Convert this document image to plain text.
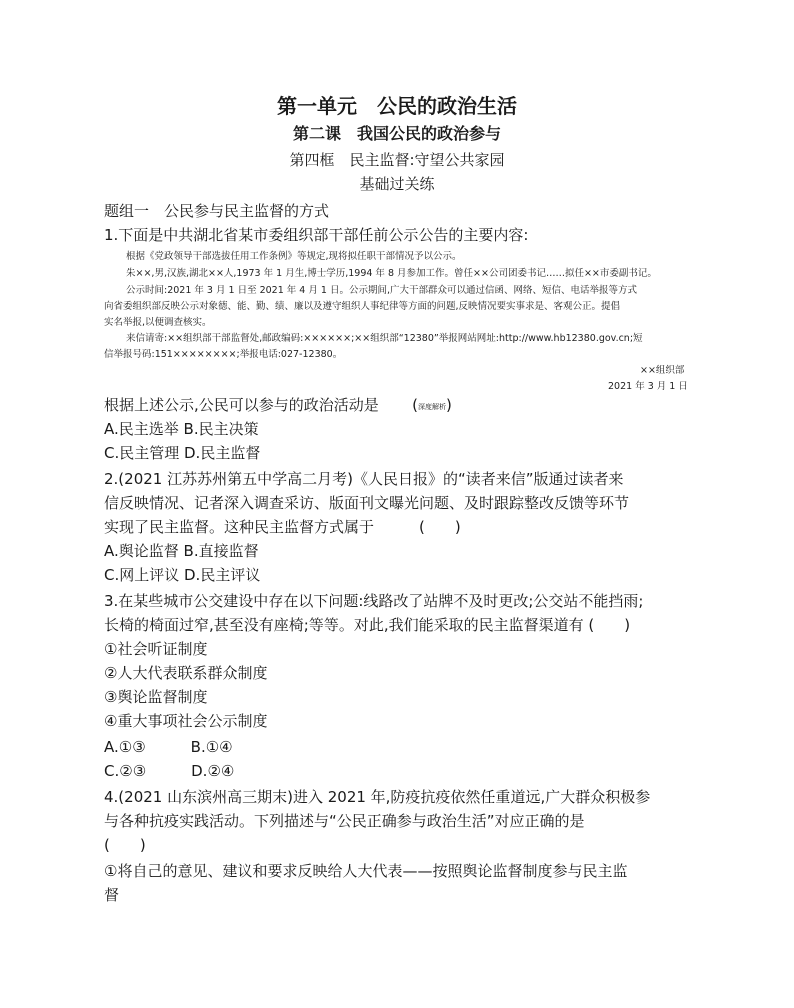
第一单元　公民的政治生活
第二课　我国公民的政治参与
第四框　民主监督:守望公共家园
基础过关练
题组一　公民参与民主监督的方式
1.下面是中共湖北省某市委组织部干部任前公示公告的主要内容:
根据《党政领导干部选拔任用工作条例》等规定,现将拟任职干部情况予以公示。
朱××,男,汉族,湖北××人,1973 年 1 月生,博士学历,1994 年 8 月参加工作。曾任××公司团委书记……拟任××市委副书记。
公示时间:2021 年 3 月 1 日至 2021 年 4 月 1 日。公示期间,广大干部群众可以通过信函、网络、短信、电话举报等方式
向省委组织部反映公示对象德、能、勤、绩、廉以及遵守组织人事纪律等方面的问题,反映情况要实事求是、客观公正。提倡
实名举报,以便调查核实。
来信请寄:××组织部干部监督处,邮政编码:××××××;××组织部“12380”举报网站网址:http://www.hb12380.gov.cn;短
信举报号码:151××××××××;举报电话:027-12380。
××组织部
2021 年 3 月 1 日
根据上述公示,公民可以参与的政治活动是 (深度解析)
A.民主选举 B.民主决策
C.民主管理 D.民主监督
2.(2021 江苏苏州第五中学高二月考)《人民日报》的“读者来信”版通过读者来
信反映情况、记者深入调查采访、版面刊文曝光问题、及时跟踪整改反馈等环节
实现了民主监督。这种民主监督方式属于　　　(　　)
A.舆论监督 B.直接监督
C.网上评议 D.民主评议
3.在某些城市公交建设中存在以下问题:线路改了站牌不及时更改;公交站不能挡雨;
长椅的椅面过窄,甚至没有座椅;等等。对此,我们能采取的民主监督渠道有 (　　)
①社会听证制度
②人大代表联系群众制度
③舆论监督制度
④重大事项社会公示制度
A.①③　　　B.①④
C.②③　　　D.②④
4.(2021 山东滨州高三期末)进入 2021 年,防疫抗疫依然任重道远,广大群众积极参
与各种抗疫实践活动。下列描述与“公民正确参与政治生活”对应正确的是
(　　)
①将自己的意见、建议和要求反映给人大代表——按照舆论监督制度参与民主监
督
